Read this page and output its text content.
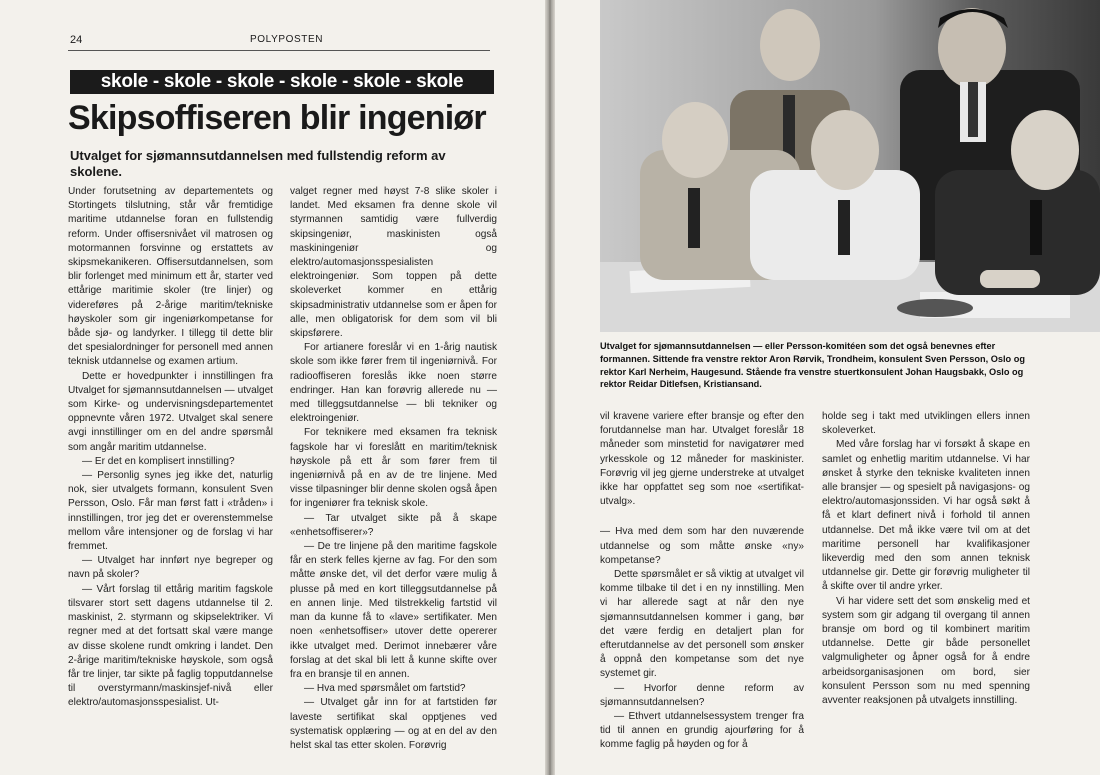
24	POLYPOSTEN
skole - skole - skole - skole - skole - skole
Skipsoffiseren blir ingeniør
Utvalget for sjømannsutdannelsen med fullstendig reform av skolene.

Under forutsetning av departementets og Stortingets tilslutning, står vår fremtidige maritime utdannelse foran en fullstendig reform. Under offisersnivået vil matrosen og motormannen forsvinne og erstattets av skipsmekanikeren. Offisersutdannelsen, som blir forlenget med minimum ett år, starter ved ettårige maritimie skoler (tre linjer) og videreføres på 2-årige maritim/tekniske høyskoler som gir ingeniørkompetanse for både sjø- og landyrker. I tillegg til dette blir det spesialordninger for personell med annen teknisk utdannelse og examen artium.

Dette er hovedpunkter i innstillingen fra Utvalget for sjømannsutdannelsen — utvalget som Kirke- og undervisningsdepartementet oppnevnte våren 1972. Utvalget skal senere avgi innstillinger om en del andre spørsmål som angår maritim utdannelse.

— Er det en komplisert innstilling?

— Personlig synes jeg ikke det, naturlig nok, sier utvalgets formann, konsulent Sven Persson, Oslo. Får man først fatt i «tråden» i innstillingen, tror jeg det er overenstemmelse mellom våre intensjoner og de forslag vi har fremmet.

— Utvalget har innført nye begreper og navn på skoler?

— Vårt forslag til ettårig maritim fagskole tilsvarer stort sett dagens utdannelse til 2. maskinist, 2. styrmann og skipselektriker. Vi regner med at det fortsatt skal være mange av disse skolene rundt omkring i landet. Den 2-årige maritim/tekniske høyskole, som også får tre linjer, tar sikte på faglig topputdannelse til overstyrmann/maskinsjef-nivå eller elektro/automasjonsspesialist. Ut-

valget regner med høyst 7-8 slike skoler i landet. Med eksamen fra denne skole vil styrmannen samtidig være fullverdig skipsingeniør, maskinisten også maskiningeniør og elektro/automasjonsspesialisten elektroingeniør. Som toppen på dette skoleverket kommer en ettårig skipsadministrativ utdannelse som er åpen for alle, men obligatorisk for dem som vil bli skipsførere.

For artianere foreslår vi en 1-årig nautisk skole som ikke fører frem til ingeniørnivå. For radiooffiseren foreslås ikke noen større endringer. Han kan forøvrig allerede nu — med tilleggsutdannelse — bli tekniker og elektroingeniør.

For teknikere med eksamen fra teknisk fagskole har vi foreslått en maritim/teknisk høyskole på ett år som fører frem til ingeniørnivå på en av de tre linjene. Med visse tilpasninger blir denne skolen også åpen for ingeniører fra teknisk skole.

— Tar utvalget sikte på å skape «enhetsoffiserer»?

— De tre linjene på den maritime fagskole får en sterk felles kjerne av fag. For den som måtte ønske det, vil det derfor være mulig å plusse på med en kort tilleggsutdannelse på en annen linje. Med tilstrekkelig fartstid vil man da kunne få to «lave» sertifikater. Men noen «enhetsoffiser» utover dette opererer ikke utvalget med. Derimot innebærer våre forslag at det skal bli lett å kunne skifte over fra en bransje til en annen.

— Hva med spørsmålet om fartstid?

— Utvalget går inn for at fartstiden før laveste sertifikat skal opptjenes ved systematisk opplæring — og at en del av den helst skal tas etter skolen. Forøvrig

Utvalget for sjømannsutdannelsen — eller Persson-komitéen som det også benevnes efter formannen. Sittende fra venstre rektor Aron Rørvik, Trondheim, konsulent Sven Persson, Oslo og rektor Karl Nerheim, Haugesund. Stående fra venstre stuertkonsulent Johan Haugsbakk, Oslo og rektor Reidar Ditlefsen, Kristiansand.

vil kravene variere efter bransje og efter den forutdannelse man har. Utvalget foreslår 18 måneder som minstetid for navigatører med yrkesskole og 12 måneder for maskinister. Forøvrig vil jeg gjerne understreke at utvalget ikke har oppfattet seg som noe «sertifikat-utvalg».

— Hva med dem som har den nuværende utdannelse og som måtte ønske «ny» kompetanse?

Dette spørsmålet er så viktig at utvalget vil komme tilbake til det i en ny innstilling. Men vi har allerede sagt at når den nye sjømannsutdannelsen kommer i gang, bør det være ferdig en detaljert plan for efterutdannelse av det personell som ønsker å oppnå den kompetanse som det nye systemet gir.

— Hvorfor denne reform av sjømannsutdannelsen?

— Ethvert utdannelsessystem trenger fra tid til annen en grundig ajourføring for å komme faglig på høyden og for å

holde seg i takt med utviklingen ellers innen skoleverket.

Med våre forslag har vi forsøkt å skape en samlet og enhetlig maritim utdannelse. Vi har ønsket å styrke den tekniske kvaliteten innen alle bransjer — og spesielt på navigasjons- og elektro/automasjonssiden. Vi har også søkt å få et klart definert nivå i forhold til annen utdannelse. Det må ikke være tvil om at det maritime personell har kvalifikasjoner likeverdig med den som annen teknisk utdannelse gir. Dette gir forøvrig muligheter til å skifte over til andre yrker.

Vi har videre sett det som ønskelig med et system som gir adgang til overgang til annen bransje om bord og til kombinert maritim utdannelse. Dette gir både personellet valgmuligheter og åpner også for å endre arbeidsorganisasjonen om bord, sier konsulent Persson som nu med spenning avventer reaksjonen på utvalgets innstilling.
